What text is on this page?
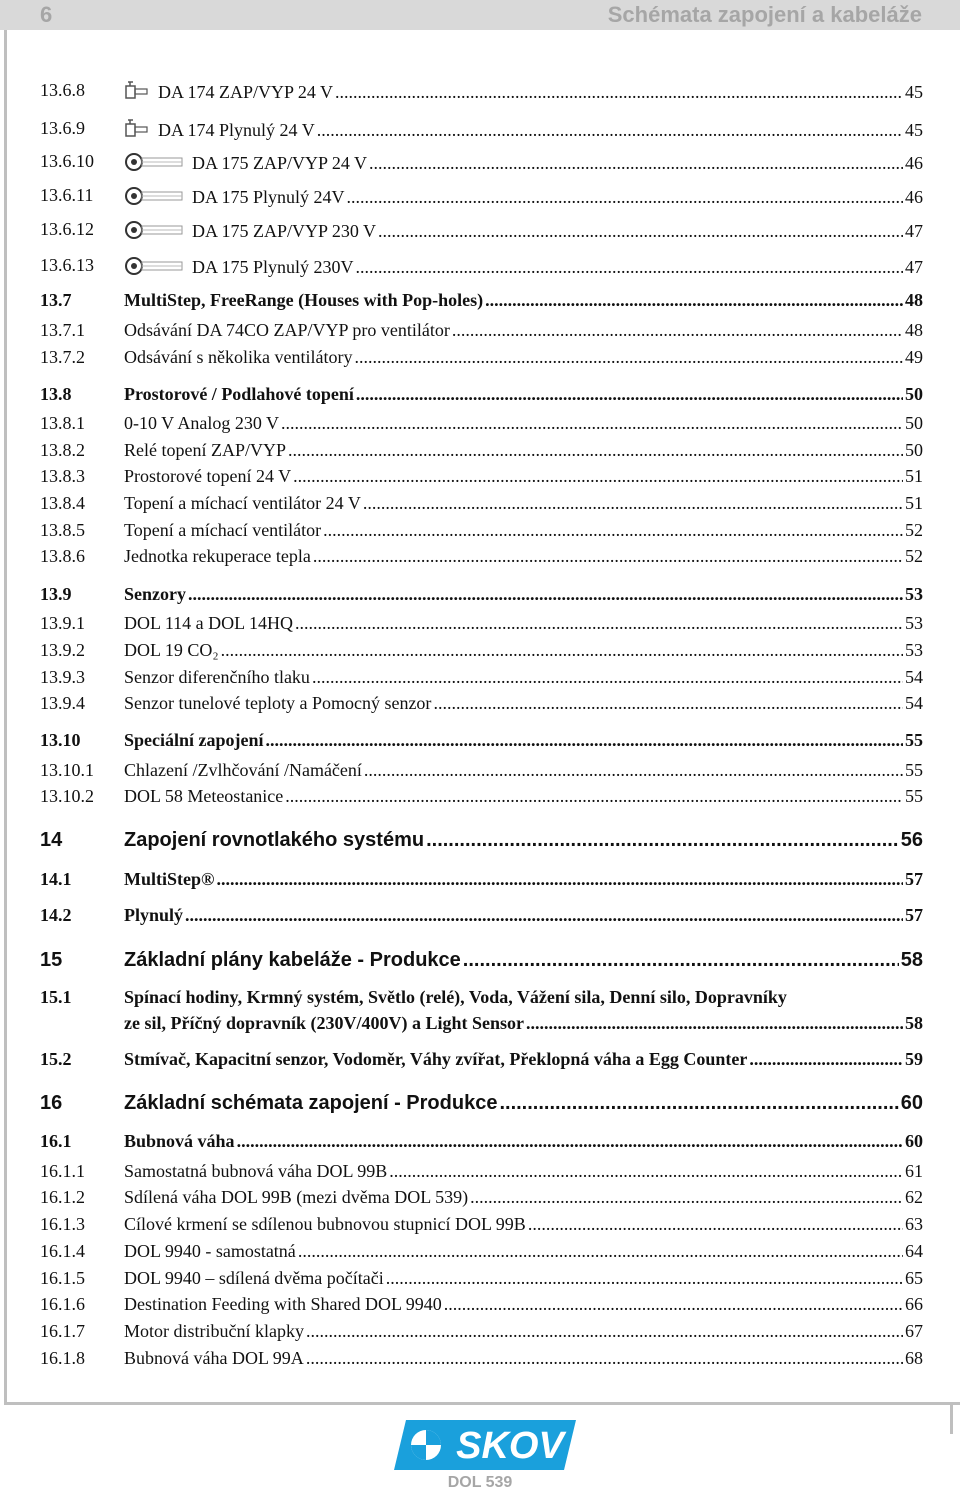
6	Schémata zapojení a kabeláže
13.6.8	DA 174 ZAP/VYP 24 V .....	45
13.6.9	DA 174 Plynulý 24 V .....	45
13.6.10	DA 175 ZAP/VYP 24 V .....	46
13.6.11	DA 175 Plynulý 24V .....	46
13.6.12	DA 175 ZAP/VYP 230 V .....	47
13.6.13	DA 175 Plynulý 230V .....	47
13.7	MultiStep, FreeRange (Houses with Pop-holes) .....	48
13.7.1 Odsávání DA 74CO ZAP/VYP pro ventilátor .....	48
13.7.2 Odsávání s několika ventilátory .....	49
13.8	Prostorové / Podlahové topení .....	50
13.8.1 0-10 V Analog 230 V .....	50
13.8.2 Relé topení ZAP/VYP .....	50
13.8.3 Prostorové topení 24 V .....	51
13.8.4 Topení a míchací ventilátor 24 V .....	51
13.8.5 Topení a míchací ventilátor .....	52
13.8.6 Jednotka rekuperace tepla .....	52
13.9	Senzory .....	53
13.9.1 DOL 114 a DOL 14HQ .....	53
13.9.2 DOL 19 CO₂ .....	53
13.9.3 Senzor diferenčního tlaku .....	54
13.9.4 Senzor tunelové teploty a Pomocný senzor .....	54
13.10 Speciální zapojení .....	55
13.10.1 Chlazení /Zvlhčování /Namáčení .....	55
13.10.2 DOL 58 Meteostanice .....	55
14	Zapojení rovnotlakého systému .....	56
14.1	MultiStep® .....	57
14.2	Plynulý .....	57
15	Základní plány kabeláže - Produkce .....	58
15.1	Spínací hodiny, Krmný systém, Světlo (relé), Voda, Vážení sila, Denní silo, Dopravníky
ze sil, Příčný dopravník (230V/400V) a Light Sensor .....	58
15.2	Stmívač, Kapacitní senzor, Vodoměr, Váhy zvířat, Překlopná váha a Egg Counter .....	59
16	Základní schémata zapojení - Produkce .....	60
16.1	Bubnová váha .....	60
16.1.1 Samostatná bubnová váha DOL 99B .....	61
16.1.2 Sdílená váha DOL 99B (mezi dvěma DOL 539) .....	62
16.1.3 Cílové krmení se sdílenou bubnovou stupnicí DOL 99B .....	63
16.1.4 DOL 9940 - samostatná .....	64
16.1.5 DOL 9940 – sdílená dvěma počítači .....	65
16.1.6 Destination Feeding with Shared DOL 9940 .....	66
16.1.7 Motor distribuční klapky .....	67
16.1.8 Bubnová váha DOL 99A .....	68
SKOV
DOL 539
